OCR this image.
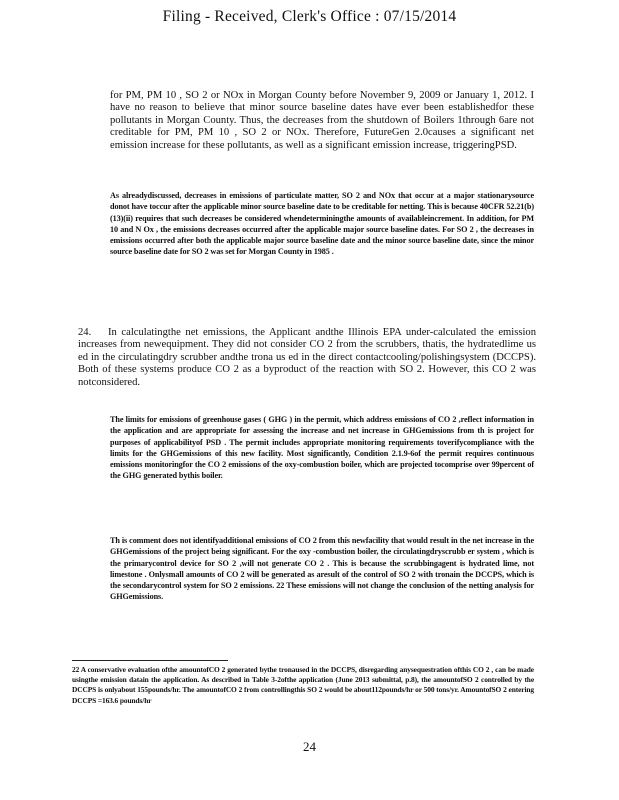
Filing - Received, Clerk's Office : 07/15/2014

for PM, PM 10 , SO 2 or NOx in Morgan County before November 9, 2009 or January 1, 2012. I have no reason to believe that minor source baseline dates have ever been establishedfor these pollutants in Morgan County. Thus, the decreases from the shutdown of Boilers 1through 6are not creditable for PM, PM 10 , SO 2 or NOx. Therefore, FutureGen 2.0causes a significant net emission increase for these pollutants, as well as a significant emission increase, triggeringPSD.

As alreadydiscussed, decreases in emissions of particulate matter, SO 2 and NOx that occur at a major stationarysource donot have toccur after the applicable minor source baseline date to be creditable for netting. This is because 40CFR 52.21(b)(13)(ii) requires that such decreases be considered whendeterminingthe amounts of availableincrement. In addition, for PM 10 and N Ox , the emissions decreases occurred after the applicable major source baseline dates. For SO 2 , the decreases in emissions occurred after both the applicable major source baseline date and the minor source baseline date, since the minor source baseline date for SO 2 was set for Morgan County in 1985 .

24. In calculatingthe net emissions, the Applicant andthe Illinois EPA under-calculated the emission increases from newequipment. They did not consider CO 2 from the scrubbers, thatis, the hydratedlime us ed in the circulatingdry scrubber andthe trona us ed in the direct contactcooling/polishingsystem (DCCPS). Both of these systems produce CO 2 as a byproduct of the reaction with SO 2. However, this CO 2 was notconsidered.

The limits for emissions of greenhouse gases ( GHG ) in the permit, which address emissions of CO 2 ,reflect information in the application and are appropriate for assessing the increase and net increase in GHGemissions from th is project for purposes of applicabilityof PSD . The permit includes appropriate monitoring requirements toverifycompliance with the limits for the GHGemissions of this new facility. Most significantly, Condition 2.1.9-6of the permit requires continuous emissions monitoringfor the CO 2 emissions of the oxy-combustion boiler, which are projected tocomprise over 99percent of the GHG generated bythis boiler.

Th is comment does not identifyadditional emissions of CO 2 from this newfacility that would result in the net increase in the GHGemissions of the project being significant. For the oxy -combustion boiler, the circulatingdryscrubb er system , which is the primarycontrol device for SO 2 ,will not generate CO 2 . This is because the scrubbingagent is hydrated lime, not limestone . Onlysmall amounts of CO 2 will be generated as aresult of the control of SO 2 with tronain the DCCPS, which is the secondarycontrol system for SO 2 emissions. 22 These emissions will not change the conclusion of the netting analysis for GHGemissions.

22 A conservative evaluation ofthe amountofCO 2 generated bythe tronaused in the DCCPS, disregarding anysequestration ofthis CO 2 , can be made usingthe emission datain the application. As described in Table 3-2ofthe application (June 2013 submittal, p.8), the amountofSO 2 controlled by the DCCPS is onlyabout 155pounds/hr. The amountofCO 2 from controllingthis SO 2 would be about112pounds/hr or 500 tons/yr. AmountofSO 2 entering DCCPS =163.6 pounds/hr

24
